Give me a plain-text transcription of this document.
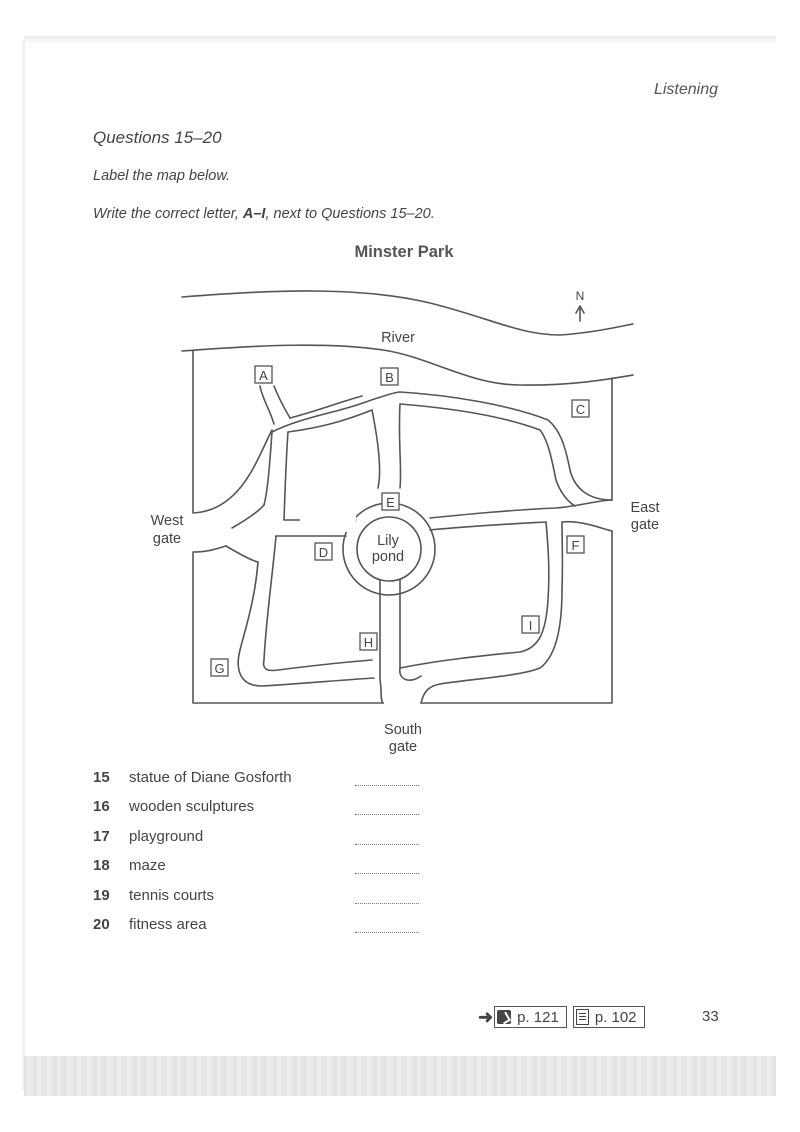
Listening
Questions 15–20
Label the map below.
Write the correct letter, A–I, next to Questions 15–20.
Minster Park
N
River
West
gate
East
gate
South
gate
Lily
pond
A	B
C
D
E
F
G
H
I
15	statue of Diane Gosforth
16	wooden sculptures
17	playground
18	maze
19	tennis courts
20	fitness area
➜ p. 121 p. 102	33
